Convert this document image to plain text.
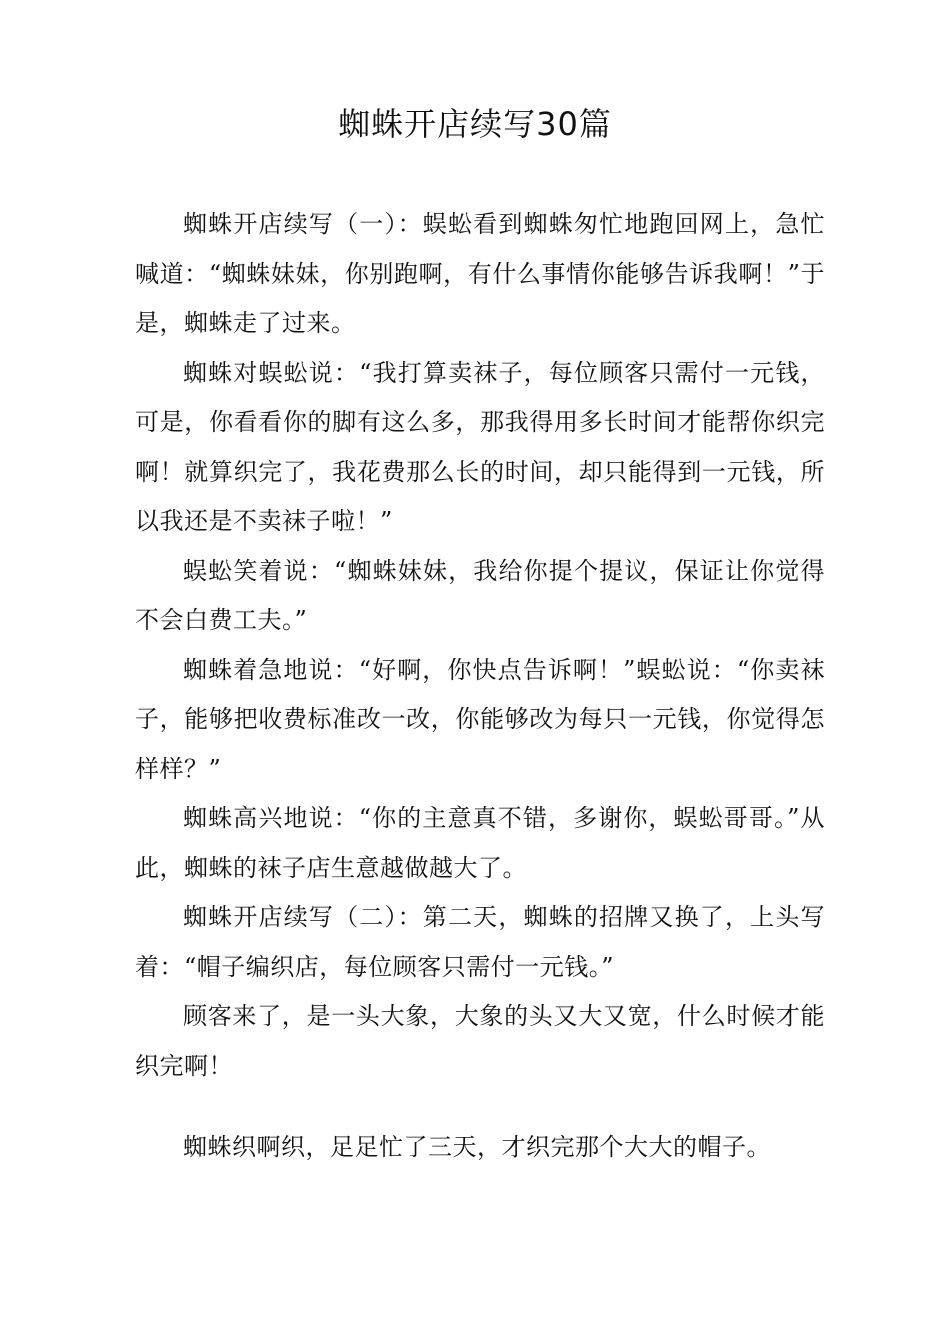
蜘蛛开店续写30篇

蜘蛛开店续写（一）：蜈蚣看到蜘蛛匆忙地跑回网上，急忙喊道：“蜘蛛妹妹，你别跑啊，有什么事情你能够告诉我啊！”于是，蜘蛛走了过来。

蜘蛛对蜈蚣说：“我打算卖袜子，每位顾客只需付一元钱，可是，你看看你的脚有这么多，那我得用多长时间才能帮你织完啊！就算织完了，我花费那么长的时间，却只能得到一元钱，所以我还是不卖袜子啦！”

蜈蚣笑着说：“蜘蛛妹妹，我给你提个提议，保证让你觉得不会白费工夫。”

蜘蛛着急地说：“好啊，你快点告诉啊！”蜈蚣说：“你卖袜子，能够把收费标准改一改，你能够改为每只一元钱，你觉得怎样样？”

蜘蛛高兴地说：“你的主意真不错，多谢你，蜈蚣哥哥。”从此，蜘蛛的袜子店生意越做越大了。

蜘蛛开店续写（二）：第二天，蜘蛛的招牌又换了，上头写着：“帽子编织店，每位顾客只需付一元钱。”

顾客来了，是一头大象，大象的头又大又宽，什么时候才能织完啊！

蜘蛛织啊织，足足忙了三天，才织完那个大大的帽子。
